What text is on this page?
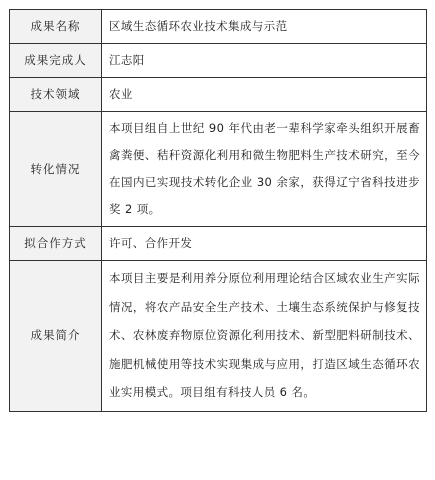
成果名称	区域生态循环农业技术集成与示范
成果完成人	江志阳
技术领域	农业
转化情况	本项目组自上世纪 90 年代由老一辈科学家牵头组织开展畜禽粪便、秸秆资源化利用和微生物肥料生产技术研究，至今在国内已实现技术转化企业 30 余家，获得辽宁省科技进步奖 2 项。
拟合作方式	许可、合作开发
成果简介	本项目主要是利用养分原位利用理论结合区域农业生产实际情况，将农产品安全生产技术、土壤生态系统保护与修复技术、农林废弃物原位资源化利用技术、新型肥料研制技术、施肥机械使用等技术实现集成与应用，打造区域生态循环农业实用模式。项目组有科技人员 6 名。
